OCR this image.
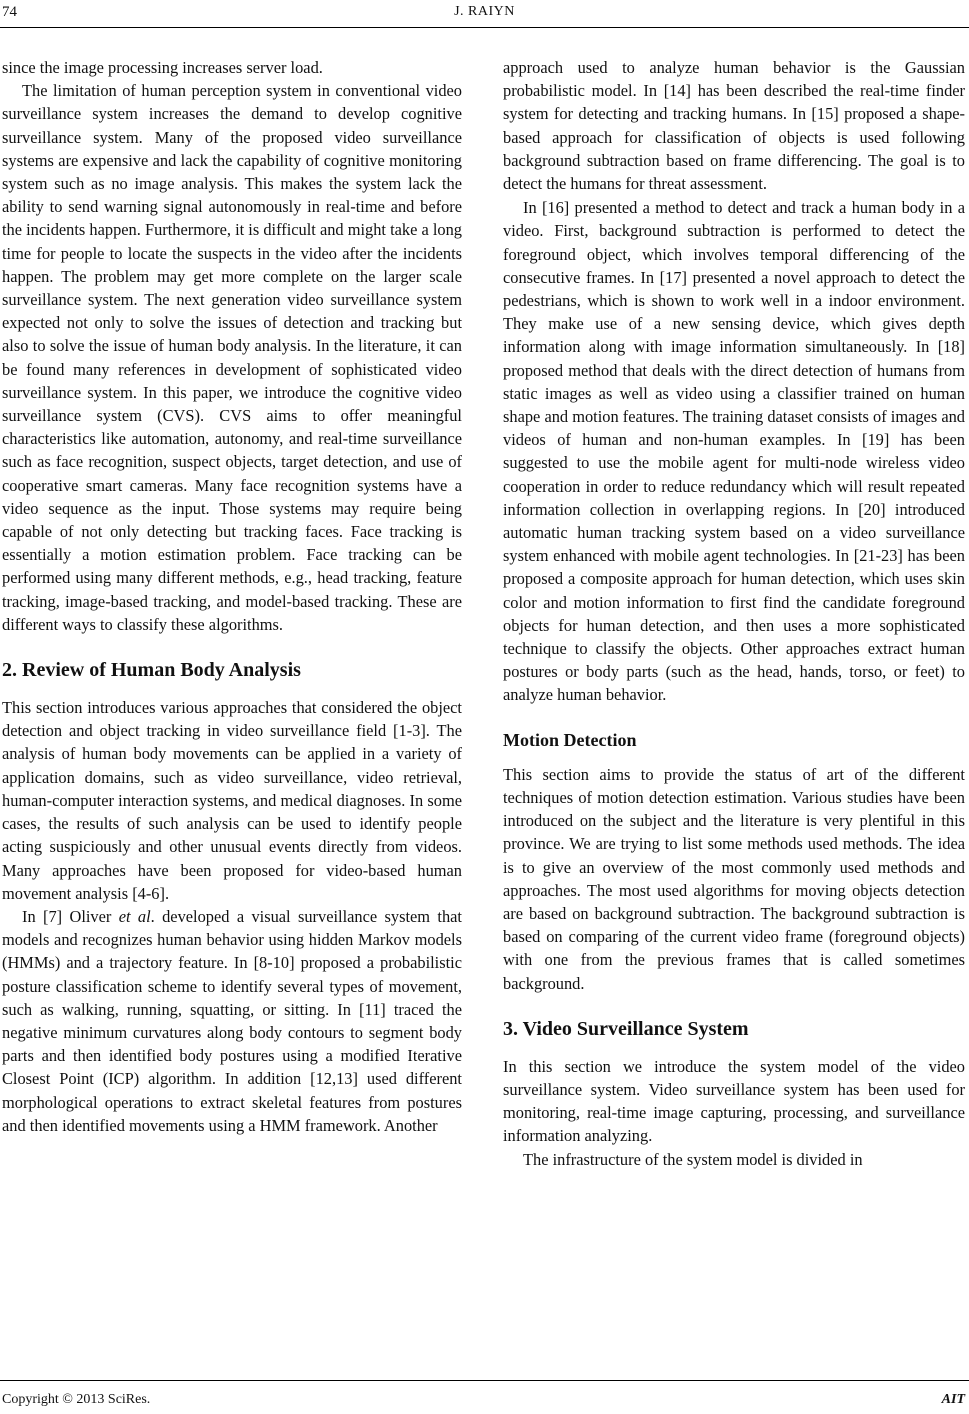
74	J. RAIYN

since the image processing increases server load.

The limitation of human perception system in conventional video surveillance system increases the demand to develop cognitive surveillance system. Many of the proposed video surveillance systems are expensive and lack the capability of cognitive monitoring system such as no image analysis. This makes the system lack the ability to send warning signal autonomously in real-time and before the incidents happen. Furthermore, it is difficult and might take a long time for people to locate the suspects in the video after the incidents happen. The problem may get more complete on the larger scale surveillance system. The next generation video surveillance system expected not only to solve the issues of detection and tracking but also to solve the issue of human body analysis. In the literature, it can be found many references in development of sophisticated video surveillance system. In this paper, we introduce the cognitive video surveillance system (CVS). CVS aims to offer meaningful characteristics like automation, autonomy, and real-time surveillance such as face recognition, suspect objects, target detection, and use of cooperative smart cameras. Many face recognition systems have a video sequence as the input. Those systems may require being capable of not only detecting but tracking faces. Face tracking is essentially a motion estimation problem. Face tracking can be performed using many different methods, e.g., head tracking, feature tracking, image-based tracking, and model-based tracking. These are different ways to classify these algorithms.

2. Review of Human Body Analysis

This section introduces various approaches that considered the object detection and object tracking in video surveillance field [1-3]. The analysis of human body movements can be applied in a variety of application domains, such as video surveillance, video retrieval, human-computer interaction systems, and medical diagnoses. In some cases, the results of such analysis can be used to identify people acting suspiciously and other unusual events directly from videos. Many approaches have been proposed for video-based human movement analysis [4-6].

In [7] Oliver et al. developed a visual surveillance system that models and recognizes human behavior using hidden Markov models (HMMs) and a trajectory feature. In [8-10] proposed a probabilistic posture classification scheme to identify several types of movement, such as walking, running, squatting, or sitting. In [11] traced the negative minimum curvatures along body contours to segment body parts and then identified body postures using a modified Iterative Closest Point (ICP) algorithm. In addition [12,13] used different morphological operations to extract skeletal features from postures and then identified movements using a HMM framework. Another

approach used to analyze human behavior is the Gaussian probabilistic model. In [14] has been described the real-time finder system for detecting and tracking humans. In [15] proposed a shape-based approach for classification of objects is used following background subtraction based on frame differencing. The goal is to detect the humans for threat assessment.

In [16] presented a method to detect and track a human body in a video. First, background subtraction is performed to detect the foreground object, which involves temporal differencing of the consecutive frames. In [17] presented a novel approach to detect the pedestrians, which is shown to work well in a indoor environment. They make use of a new sensing device, which gives depth information along with image information simultaneously. In [18] proposed method that deals with the direct detection of humans from static images as well as video using a classifier trained on human shape and motion features. The training dataset consists of images and videos of human and non-human examples. In [19] has been suggested to use the mobile agent for multi-node wireless video cooperation in order to reduce redundancy which will result repeated information collection in overlapping regions. In [20] introduced automatic human tracking system based on a video surveillance system enhanced with mobile agent technologies. In [21-23] has been proposed a composite approach for human detection, which uses skin color and motion information to first find the candidate foreground objects for human detection, and then uses a more sophisticated technique to classify the objects. Other approaches extract human postures or body parts (such as the head, hands, torso, or feet) to analyze human behavior.

Motion Detection

This section aims to provide the status of art of the different techniques of motion detection estimation. Various studies have been introduced on the subject and the literature is very plentiful in this province. We are trying to list some methods used methods. The idea is to give an overview of the most commonly used methods and approaches. The most used algorithms for moving objects detection are based on background subtraction. The background subtraction is based on comparing of the current video frame (foreground objects) with one from the previous frames that is called sometimes background.

3. Video Surveillance System

In this section we introduce the system model of the video surveillance system. Video surveillance system has been used for monitoring, real-time image capturing, processing, and surveillance information analyzing.

The infrastructure of the system model is divided in

Copyright © 2013 SciRes.	AIT
